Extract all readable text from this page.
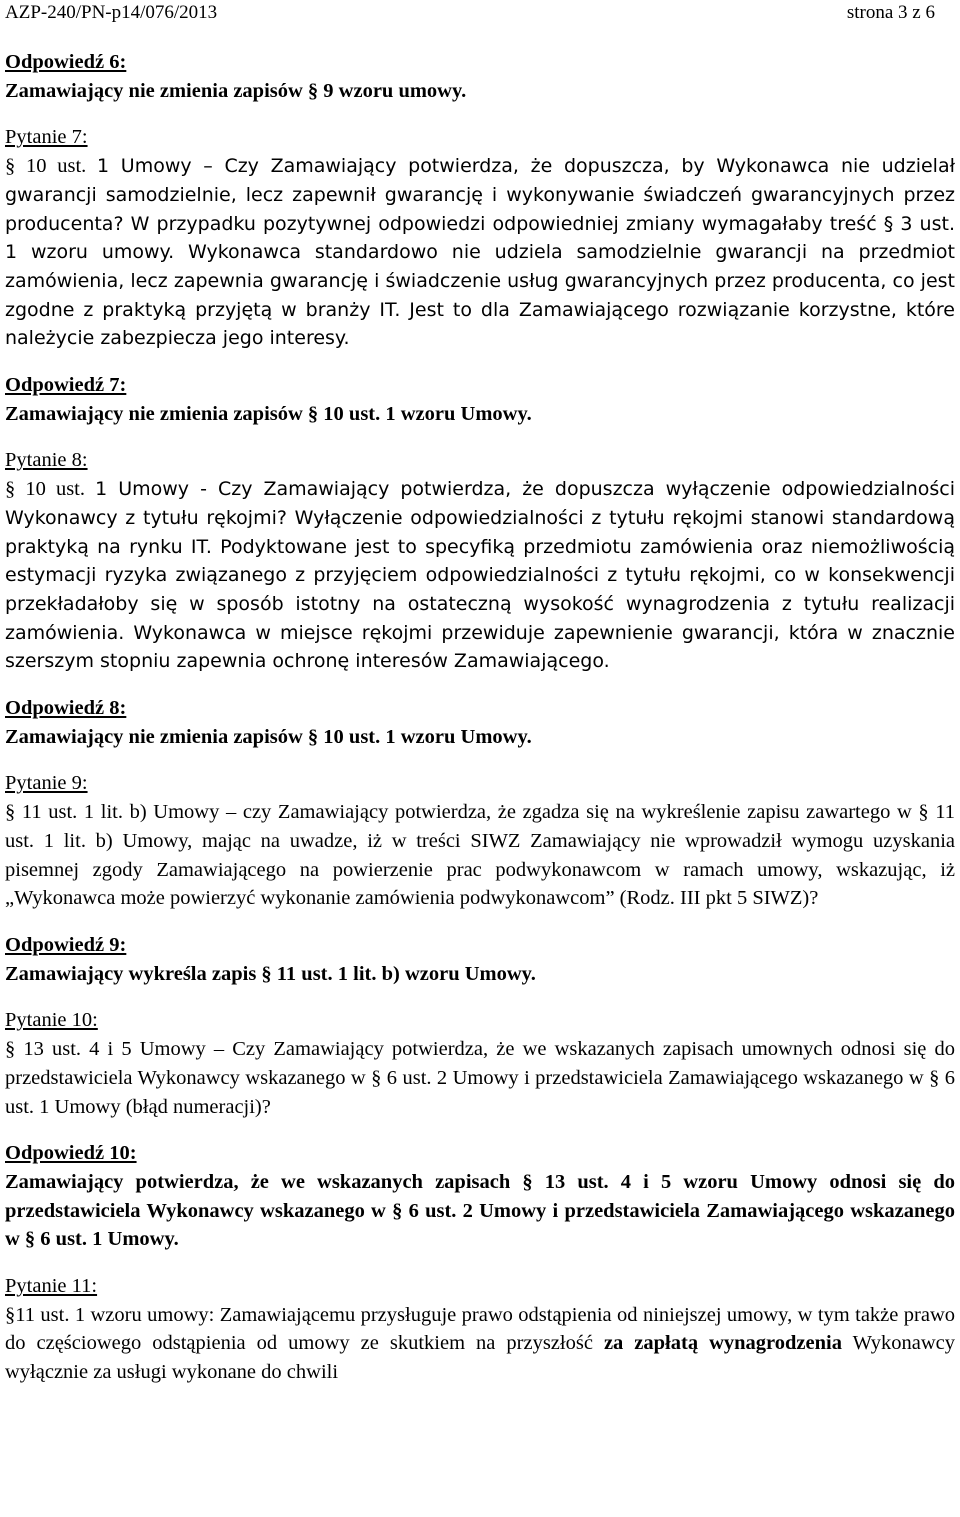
AZP-240/PN-p14/076/2013	strona 3 z 6

Odpowiedź 6:

Zamawiający nie zmienia zapisów § 9 wzoru umowy.

Pytanie 7:

§ 10 ust. 1 Umowy – Czy Zamawiający potwierdza, że dopuszcza, by Wykonawca nie udzielał gwarancji samodzielnie, lecz zapewnił gwarancję i wykonywanie świadczeń gwarancyjnych przez producenta? W przypadku pozytywnej odpowiedzi odpowiedniej zmiany wymagałaby treść § 3 ust. 1 wzoru umowy. Wykonawca standardowo nie udziela samodzielnie gwarancji na przedmiot zamówienia, lecz zapewnia gwarancję i świadczenie usług gwarancyjnych przez producenta, co jest zgodne z praktyką przyjętą w branży IT. Jest to dla Zamawiającego rozwiązanie korzystne, które należycie zabezpiecza jego interesy.

Odpowiedź 7:

Zamawiający nie zmienia zapisów § 10 ust. 1 wzoru Umowy.

Pytanie 8:

§ 10 ust. 1 Umowy - Czy Zamawiający potwierdza, że dopuszcza wyłączenie odpowiedzialności Wykonawcy z tytułu rękojmi? Wyłączenie odpowiedzialności z tytułu rękojmi stanowi standardową praktyką na rynku IT. Podyktowane jest to specyfiką przedmiotu zamówienia oraz niemożliwością estymacji ryzyka związanego z przyjęciem odpowiedzialności z tytułu rękojmi, co w konsekwencji przekładałoby się w sposób istotny na ostateczną wysokość wynagrodzenia z tytułu realizacji zamówienia. Wykonawca w miejsce rękojmi przewiduje zapewnienie gwarancji, która w znacznie szerszym stopniu zapewnia ochronę interesów Zamawiającego.

Odpowiedź 8:

Zamawiający nie zmienia zapisów § 10 ust. 1 wzoru Umowy.

Pytanie 9:

§ 11 ust. 1 lit. b) Umowy – czy Zamawiający potwierdza, że zgadza się na wykreślenie zapisu zawartego w § 11 ust. 1 lit. b) Umowy, mając na uwadze, iż w treści SIWZ Zamawiający nie wprowadził wymogu uzyskania pisemnej zgody Zamawiającego na powierzenie prac podwykonawcom w ramach umowy, wskazując, iż „Wykonawca może powierzyć wykonanie zamówienia podwykonawcom” (Rodz. III pkt 5 SIWZ)?

Odpowiedź 9:

Zamawiający wykreśla zapis § 11 ust. 1 lit. b) wzoru Umowy.

Pytanie 10:

§ 13 ust. 4 i 5 Umowy – Czy Zamawiający potwierdza, że we wskazanych zapisach umownych odnosi się do przedstawiciela Wykonawcy wskazanego w § 6 ust. 2 Umowy i przedstawiciela Zamawiającego wskazanego w § 6 ust. 1 Umowy (błąd numeracji)?

Odpowiedź 10:

Zamawiający potwierdza, że we wskazanych zapisach § 13 ust. 4 i 5 wzoru Umowy odnosi się do przedstawiciela Wykonawcy wskazanego w § 6 ust. 2 Umowy i przedstawiciela Zamawiającego wskazanego w § 6 ust. 1 Umowy.

Pytanie 11:

§11 ust. 1 wzoru umowy: Zamawiającemu przysługuje prawo odstąpienia od niniejszej umowy, w tym także prawo do częściowego odstąpienia od umowy ze skutkiem na przyszłość za zapłatą wynagrodzenia Wykonawcy wyłącznie za usługi wykonane do chwili
